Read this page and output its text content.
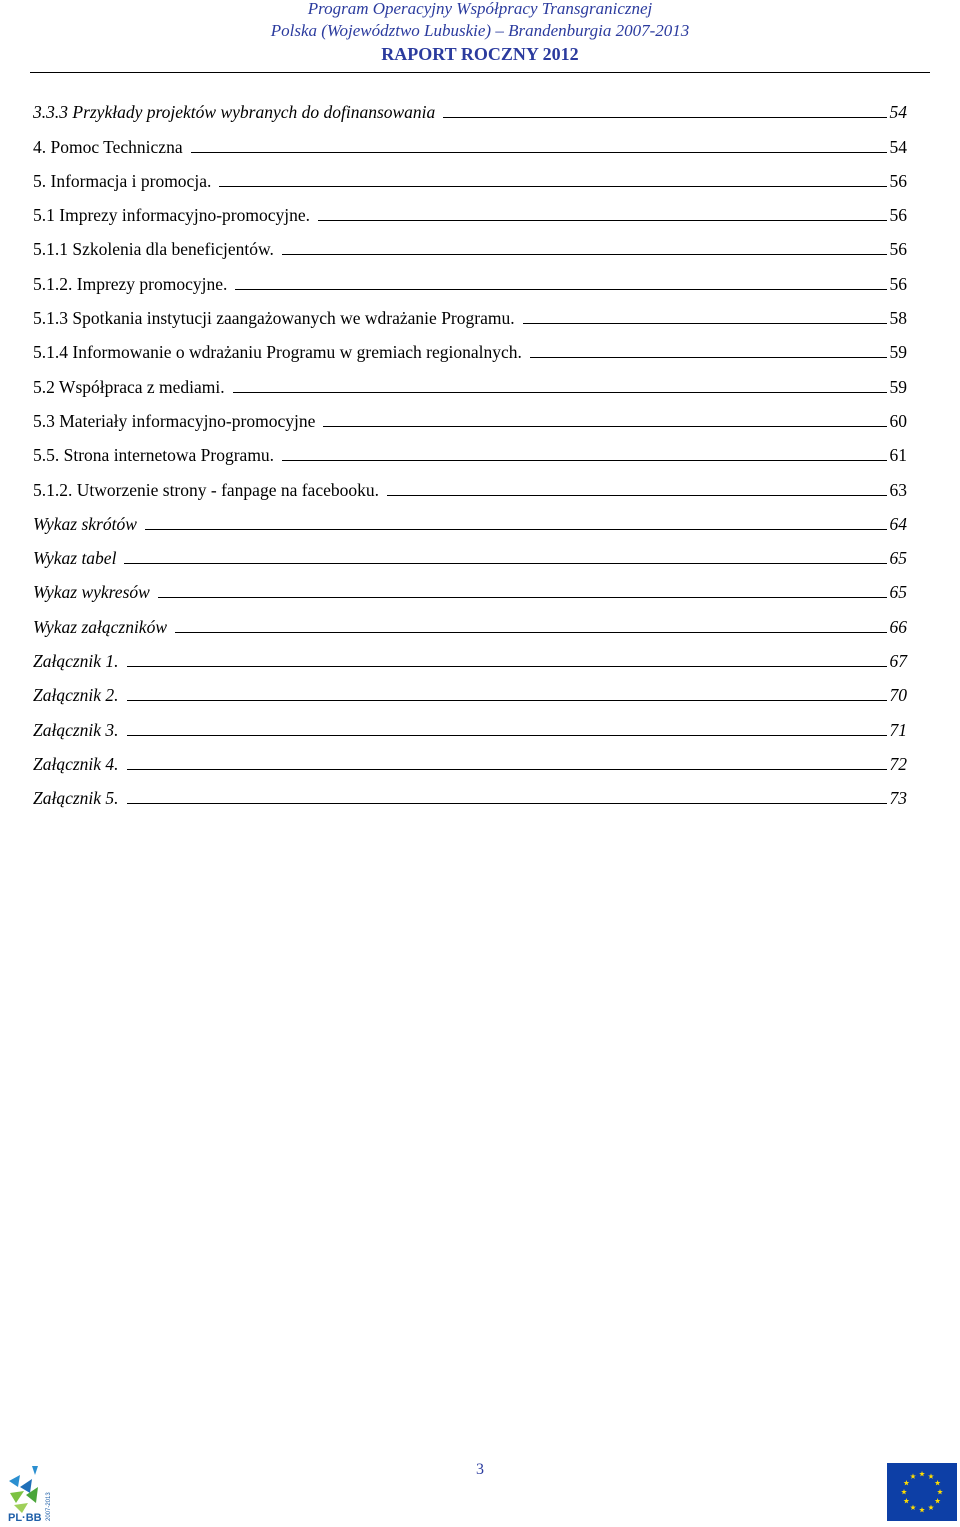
Program Operacyjny Współpracy Transgranicznej
Polska (Województwo Lubuskie) – Brandenburgia 2007-2013
RAPORT ROCZNY 2012
3.3.3 Przykłady projektów wybranych do dofinansowania	54
4. Pomoc Techniczna	54
5. Informacja i promocja.	56
5.1 Imprezy informacyjno-promocyjne.	56
5.1.1 Szkolenia dla beneficjentów.	56
5.1.2. Imprezy promocyjne.	56
5.1.3 Spotkania instytucji zaangażowanych we wdrażanie Programu.	58
5.1.4 Informowanie o wdrażaniu Programu w gremiach regionalnych.	59
5.2 Współpraca z mediami.	59
5.3 Materiały informacyjno-promocyjne	60
5.5. Strona internetowa Programu.	61
5.1.2. Utworzenie strony - fanpage na facebooku.	63
Wykaz skrótów	64
Wykaz tabel	65
Wykaz wykresów	65
Wykaz załączników	66
Załącznik 1.	67
Załącznik 2.	70
Załącznik 3.	71
Załącznik 4.	72
Załącznik 5.	73
3
PL·BB 2007-2013
